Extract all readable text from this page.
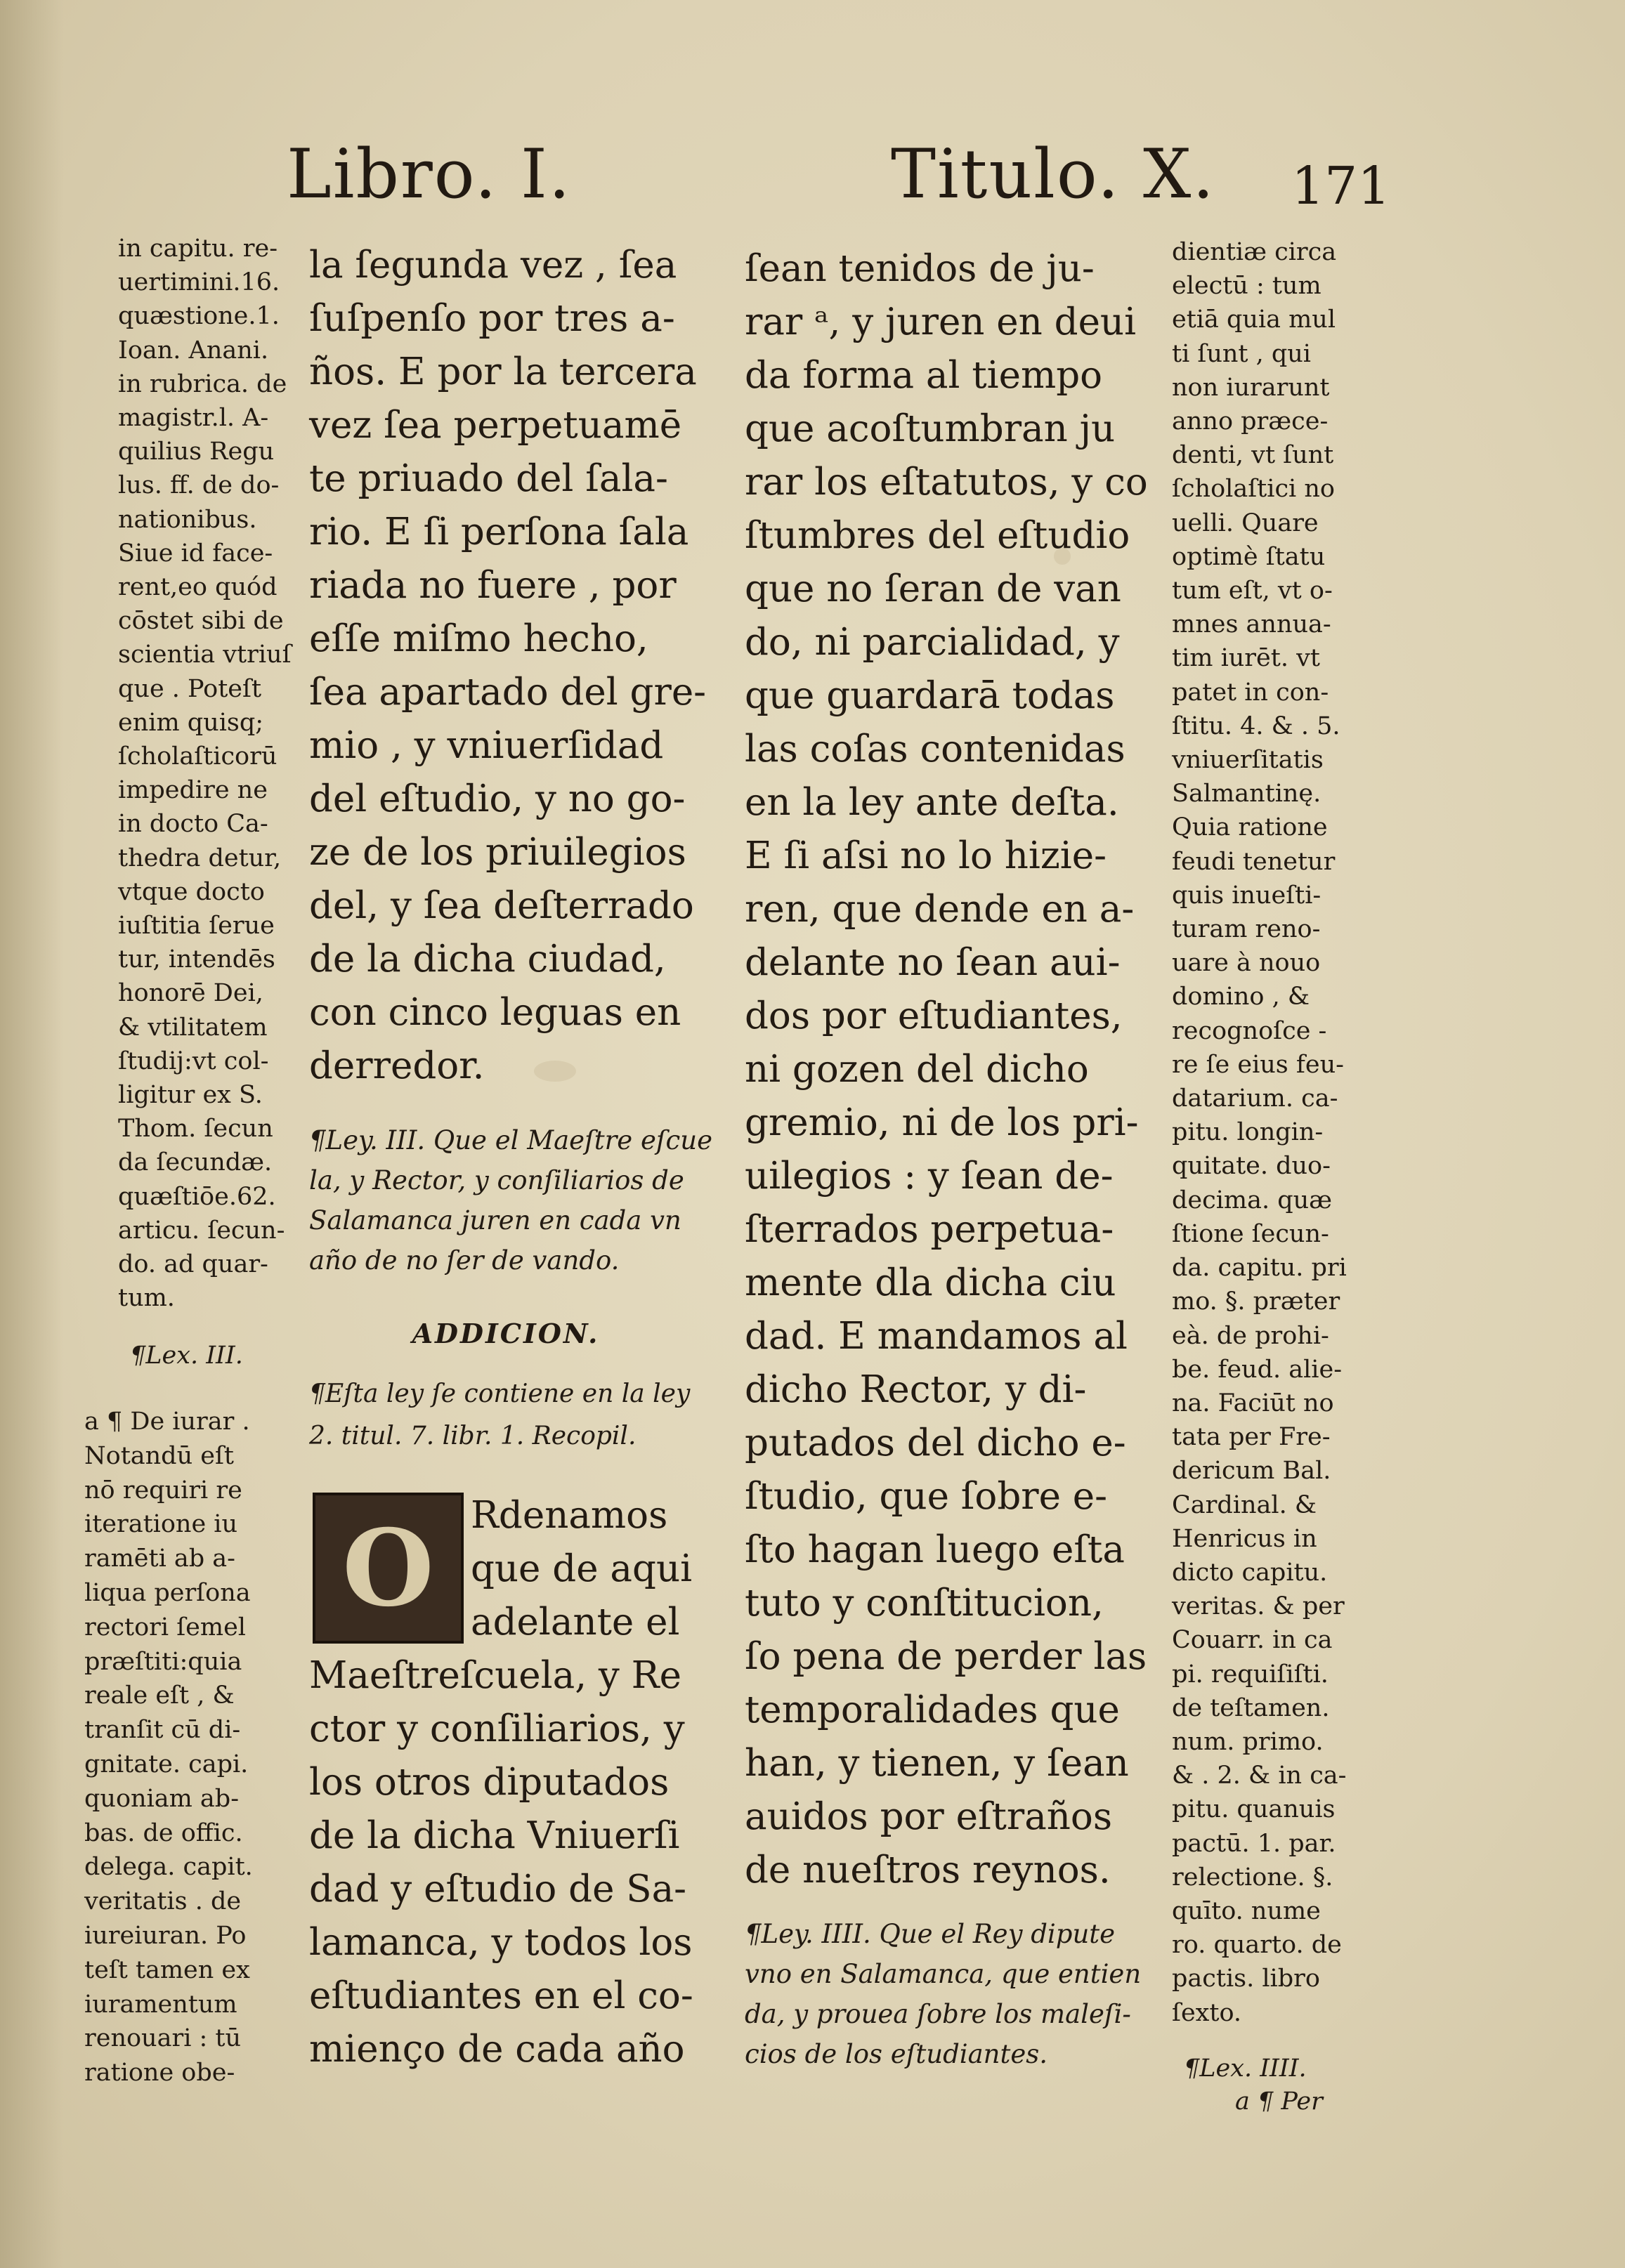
Libro. I.	Titulo. X. 171
in capitu. re-
uertimini.16.
quæstione.1.
Ioan. Anani.
in rubrica. de
magistr.l. A-
quilius Regu
lus. ff. de do-
nationibus.
Siue id face-
rent,eo quód
cōstet sibi de
scientia vtriuſ
que . Poteſt
enim quisq;
ſcholaſticorū
impedire ne
in docto Ca-
thedra detur,
vtque docto
iuſtitia ſerue
tur, intendēs
honorē Dei,
& vtilitatem
ſtudij:vt col-
ligitur ex S.
Thom. ſecun
da ſecundæ.
quæſtiōe.62.
articu. ſecun-
do. ad quar-
tum.
¶Lex. III.
a ¶ De iurar .
Notandū eſt
nō requiri re
iteratione iu
ramēti ab a-
liqua perſona
rectori ſemel
præſtiti:quia
reale eſt , &
tranſit cū di-
gnitate. capi.
quoniam ab-
bas. de offic.
delega. capit.
veritatis . de
iureiuran. Po
teſt tamen ex
iuramentum
renouari : tū
ratione obe-
la ſegunda vez , ſea
ſuſpenſo por tres a-
ños. E por la tercera
vez ſea perpetuamē
te priuado del ſala-
rio. E ſi perſona ſala
riada no fuere , por
eſſe miſmo hecho,
ſea apartado del gre-
mio , y vniuerſidad
del eſtudio, y no go-
ze de los priuilegios
del, y ſea deſterrado
de la dicha ciudad,
con cinco leguas en
derredor.
¶Ley. III. Que el Maeſtre eſcue
la, y Rector, y conſiliarios de
Salamanca juren en cada vn
año de no ſer de vando.
ADDICION.
¶Eſta ley ſe contiene en la ley
2. titul. 7. libr. 1. Recopil.
O Rdenamos
que de aqui
adelante el
Maeſtreſcuela, y Re
ctor y conſiliarios, y
los otros diputados
de la dicha Vniuerſi
dad y eſtudio de Sa-
lamanca, y todos los
eſtudiantes en el co-
mienço de cada año
ſean tenidos de ju-
rar ᵃ, y juren en deui
da forma al tiempo
que acoſtumbran ju
rar los eſtatutos, y co
ſtumbres del eſtudio
que no ſeran de van
do, ni parcialidad, y
que guardarā todas
las coſas contenidas
en la ley ante deſta.
E ſi aſsi no lo hizie-
ren, que dende en a-
delante no ſean aui-
dos por eſtudiantes,
ni gozen del dicho
gremio, ni de los pri-
uilegios : y ſean de-
ſterrados perpetua-
mente dla dicha ciu
dad. E mandamos al
dicho Rector, y di-
putados del dicho e-
ſtudio, que ſobre e-
ſto hagan luego eſta
tuto y conſtitucion,
ſo pena de perder las
temporalidades que
han, y tienen, y ſean
auidos por eſtraños
de nueſtros reynos.
¶Ley. IIII. Que el Rey dipute
vno en Salamanca, que entien
da, y prouea ſobre los maleſi-
cios de los eſtudiantes.
dientiæ circa
electū : tum
etiā quia mul
ti ſunt , qui
non iurarunt
anno præce-
denti, vt ſunt
ſcholaſtici no
uelli. Quare
optimè ſtatu
tum eſt, vt o-
mnes annua-
tim iurēt. vt
patet in con-
ſtitu. 4. & . 5.
vniuerſitatis
Salmantinę.
Quia ratione
feudi tenetur
quis inueſti-
turam reno-
uare à nouo
domino , &
recognoſce -
re ſe eius feu-
datarium. ca-
pitu. longin-
quitate. duo-
decima. quæ
ſtione ſecun-
da. capitu. pri
mo. §. præter
eà. de prohi-
be. feud. alie-
na. Faciūt no
tata per Fre-
dericum Bal.
Cardinal. &
Henricus in
dicto capitu.
veritas. & per
Couarr. in ca
pi. requiſiſti.
de teſtamen.
num. primo.
& . 2. & in ca-
pitu. quanuis
pactū. 1. par.
relectione. §.
quīto. nume
ro. quarto. de
pactis. libro
ſexto.
¶Lex. IIII.
a ¶ Per
